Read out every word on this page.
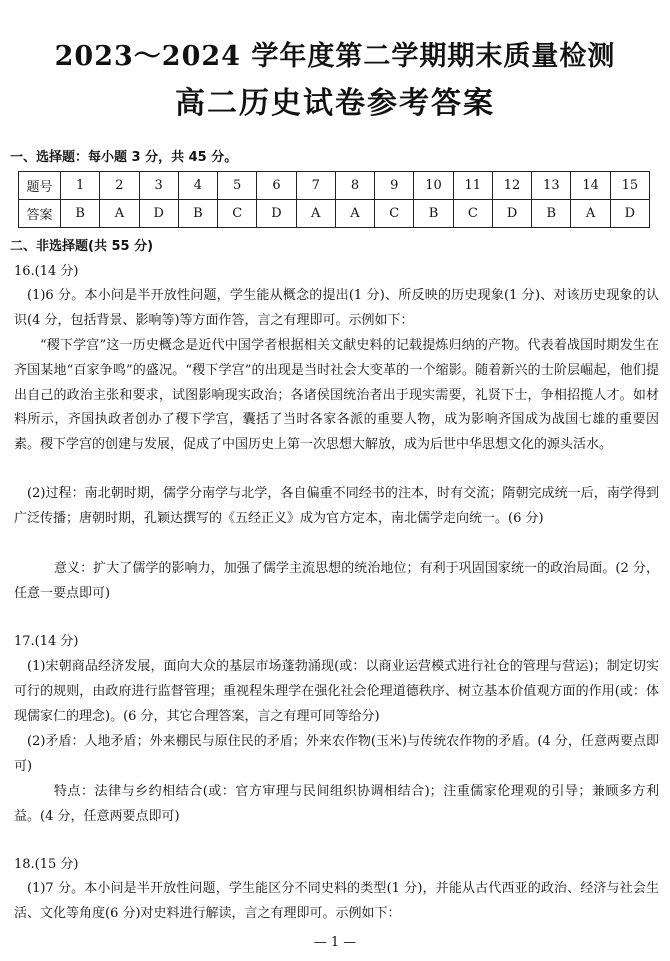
2023～2024 学年度第二学期期末质量检测
高二历史试卷参考答案
一、选择题：每小题 3 分，共 45 分。
题号	1	2	3	4	5	6	7	8	9	10	11	12	13	14	15
答案	B	A	D	B	C	D	A	A	C	B	C	D	B	A	D
二、非选择题(共 55 分)
16.(14 分)
(1)6 分。本小问是半开放性问题，学生能从概念的提出(1 分)、所反映的历史现象(1 分)、对该历史现象的认识(4 分，包括背景、影响等)等方面作答，言之有理即可。示例如下：
“稷下学宫”这一历史概念是近代中国学者根据相关文献史料的记载提炼归纳的产物。代表着战国时期发生在齐国某地“百家争鸣”的盛况。“稷下学宫”的出现是当时社会大变革的一个缩影。随着新兴的士阶层崛起，他们提出自己的政治主张和要求，试图影响现实政治；各诸侯国统治者出于现实需要，礼贤下士，争相招揽人才。如材料所示，齐国执政者创办了稷下学宫，囊括了当时各家各派的重要人物，成为影响齐国成为战国七雄的重要因素。稷下学宫的创建与发展，促成了中国历史上第一次思想大解放，成为后世中华思想文化的源头活水。
(2)过程：南北朝时期，儒学分南学与北学，各自偏重不同经书的注本，时有交流；隋朝完成统一后，南学得到广泛传播；唐朝时期，孔颖达撰写的《五经正义》成为官方定本，南北儒学走向统一。(6 分)
意义：扩大了儒学的影响力，加强了儒学主流思想的统治地位；有利于巩固国家统一的政治局面。(2 分，任意一要点即可)
17.(14 分)
(1)宋朝商品经济发展，面向大众的基层市场蓬勃涌现(或：以商业运营模式进行社仓的管理与营运)；制定切实可行的规则，由政府进行监督管理；重视程朱理学在强化社会伦理道德秩序、树立基本价值观方面的作用(或：体现儒家仁的理念)。(6 分，其它合理答案，言之有理可同等给分)
(2)矛盾：人地矛盾；外来棚民与原住民的矛盾；外来农作物(玉米)与传统农作物的矛盾。(4 分，任意两要点即可)
特点：法律与乡约相结合(或：官方审理与民间组织协调相结合)；注重儒家伦理观的引导；兼顾多方利益。(4 分，任意两要点即可)
18.(15 分)
(1)7 分。本小问是半开放性问题，学生能区分不同史料的类型(1 分)，并能从古代西亚的政治、经济与社会生活、文化等角度(6 分)对史料进行解读，言之有理即可。示例如下：
— 1 —
